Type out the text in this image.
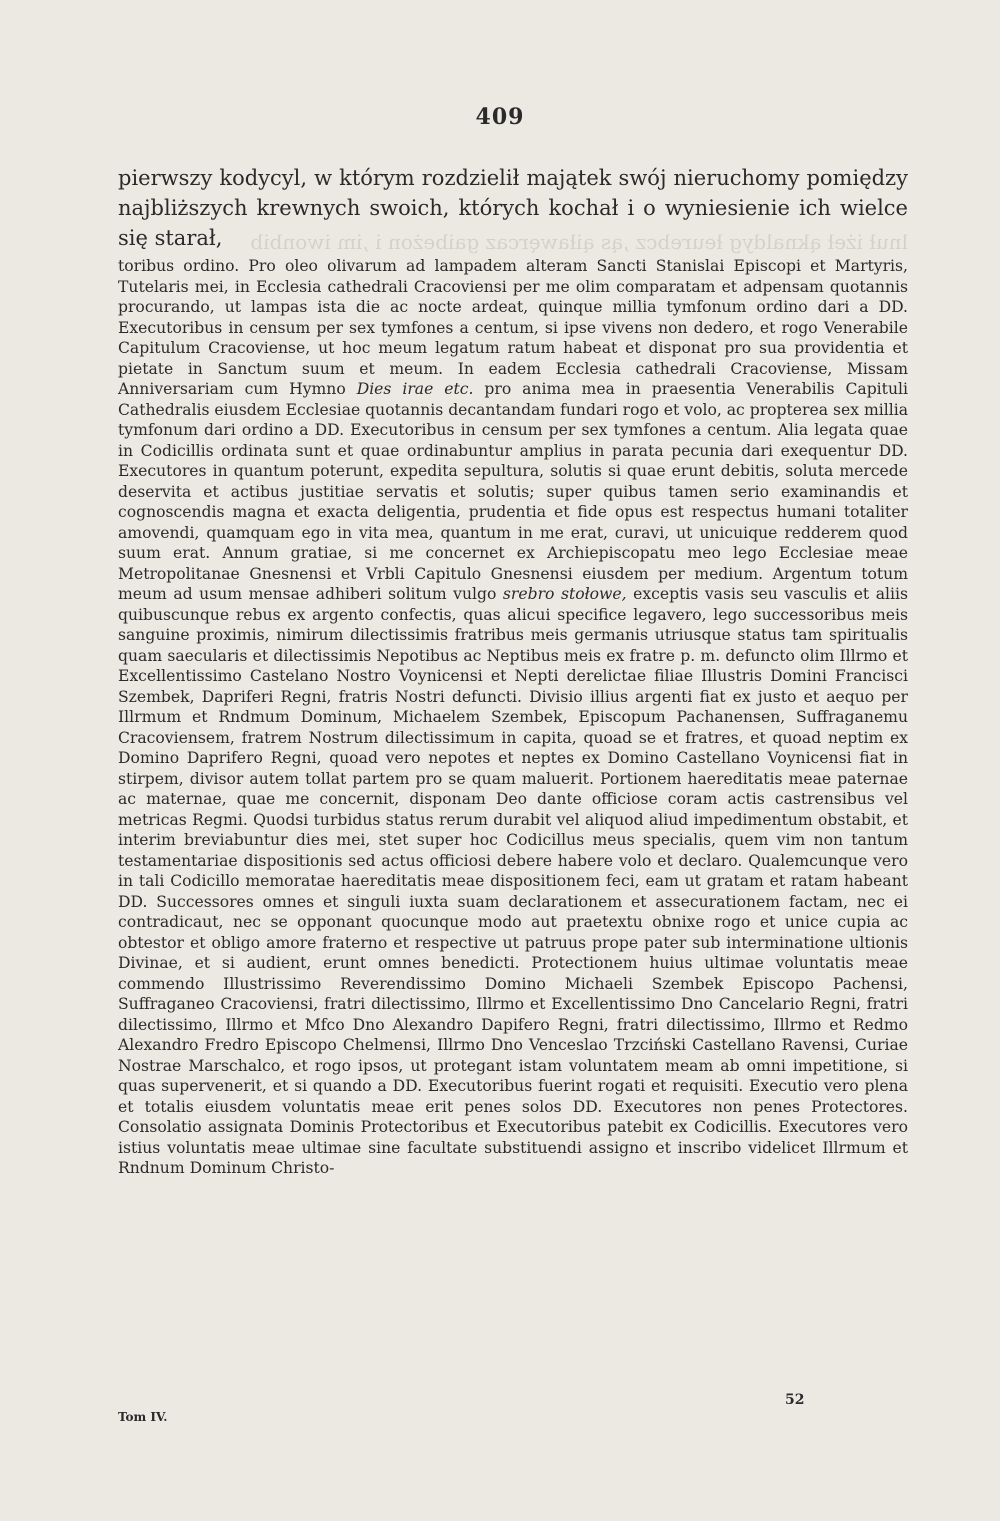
409

pierwszy kodycyl, w którym rozdzielił majątek swój nieruchomy pomiędzy najbliższych krewnych swoich, których kochał i o wyniesienie ich wielce się starał,	lnuł iżeł ąknaldyg łeurebcz ,ąs ąiławęrcaz gaibeżon i ,im iwonbib

toribus ordino. Pro oleo olivarum ad lampadem alteram Sancti Stanislai Episcopi et Martyris, Tutelaris mei, in Ecclesia cathedrali Cracoviensi per me olim comparatam et adpensam quotannis procurando, ut lampas ista die ac nocte ardeat, quinque millia tymfonum ordino dari a DD. Executoribus in censum per sex tymfones a centum, si ipse vivens non dedero, et rogo Venerabile Capitulum Cracoviense, ut hoc meum legatum ratum habeat et disponat pro sua providentia et pietate in Sanctum suum et meum. In eadem Ecclesia cathedrali Cracoviense, Missam Anniversariam cum Hymno Dies irae etc. pro anima mea in praesentia Venerabilis Capituli Cathedralis eiusdem Ecclesiae quotannis decantandam fundari rogo et volo, ac propterea sex millia tymfonum dari ordino a DD. Executoribus in censum per sex tymfones a centum. Alia legata quae in Codicillis ordinata sunt et quae ordinabuntur amplius in parata pecunia dari exequentur DD. Executores in quantum poterunt, expedita sepultura, solutis si quae erunt debitis, soluta mercede deservita et actibus justitiae servatis et solutis; super quibus tamen serio examinandis et cognoscendis magna et exacta deligentia, prudentia et fide opus est respectus humani totaliter amovendi, quamquam ego in vita mea, quantum in me erat, curavi, ut unicuique redderem quod suum erat. Annum gratiae, si me concernet ex Archiepiscopatu meo lego Ecclesiae meae Metropolitanae Gnesnensi et Vrbli Capitulo Gnesnensi eiusdem per medium. Argentum totum meum ad usum mensae adhiberi solitum vulgo srebro stołowe, exceptis vasis seu vasculis et aliis quibuscunque rebus ex argento confectis, quas alicui specifice legavero, lego successoribus meis sanguine proximis, nimirum dilectissimis fratribus meis germanis utriusque status tam spiritualis quam saecularis et dilectissimis Nepotibus ac Neptibus meis ex fratre p. m. defuncto olim Illrmo et Excellentissimo Castelano Nostro Voynicensi et Nepti derelictae filiae Illustris Domini Francisci Szembek, Dapriferi Regni, fratris Nostri defuncti. Divisio illius argenti fiat ex justo et aequo per Illrmum et Rndmum Dominum, Michaelem Szembek, Episcopum Pachanensen, Suffraganemu Cracoviensem, fratrem Nostrum dilectissimum in capita, quoad se et fratres, et quoad neptim ex Domino Daprifero Regni, quoad vero nepotes et neptes ex Domino Castellano Voynicensi fiat in stirpem, divisor autem tollat partem pro se quam maluerit. Portionem haereditatis meae paternae ac maternae, quae me concernit, disponam Deo dante officiose coram actis castrensibus vel metricas Regmi. Quodsi turbidus status rerum durabit vel aliquod aliud impedimentum obstabit, et interim breviabuntur dies mei, stet super hoc Codicillus meus specialis, quem vim non tantum testamentariae dispositionis sed actus officiosi debere habere volo et declaro. Qualemcunque vero in tali Codicillo memoratae haereditatis meae dispositionem feci, eam ut gratam et ratam habeant DD. Successores omnes et singuli iuxta suam declarationem et assecurationem factam, nec ei contradicaut, nec se opponant quocunque modo aut praetextu obnixe rogo et unice cupia ac obtestor et obligo amore fraterno et respective ut patruus prope pater sub interminatione ultionis Divinae, et si audient, erunt omnes benedicti. Protectionem huius ultimae voluntatis meae commendo Illustrissimo Reverendissimo Domino Michaeli Szembek Episcopo Pachensi, Suffraganeo Cracoviensi, fratri dilectissimo, Illrmo et Excellentissimo Dno Cancelario Regni, fratri dilectissimo, Illrmo et Mfco Dno Alexandro Dapifero Regni, fratri dilectissimo, Illrmo et Redmo Alexandro Fredro Episcopo Chelmensi, Illrmo Dno Venceslao Trzciński Castellano Ravensi, Curiae Nostrae Marschalco, et rogo ipsos, ut protegant istam voluntatem meam ab omni impetitione, si quas supervenerit, et si quando a DD. Executoribus fuerint rogati et requisiti. Executio vero plena et totalis eiusdem voluntatis meae erit penes solos DD. Executores non penes Protectores. Consolatio assignata Dominis Protectoribus et Executoribus patebit ex Codicillis. Executores vero istius voluntatis meae ultimae sine facultate substituendi assigno et inscribo videlicet Illrmum et Rndnum Dominum Christo-

52
Tom IV.
